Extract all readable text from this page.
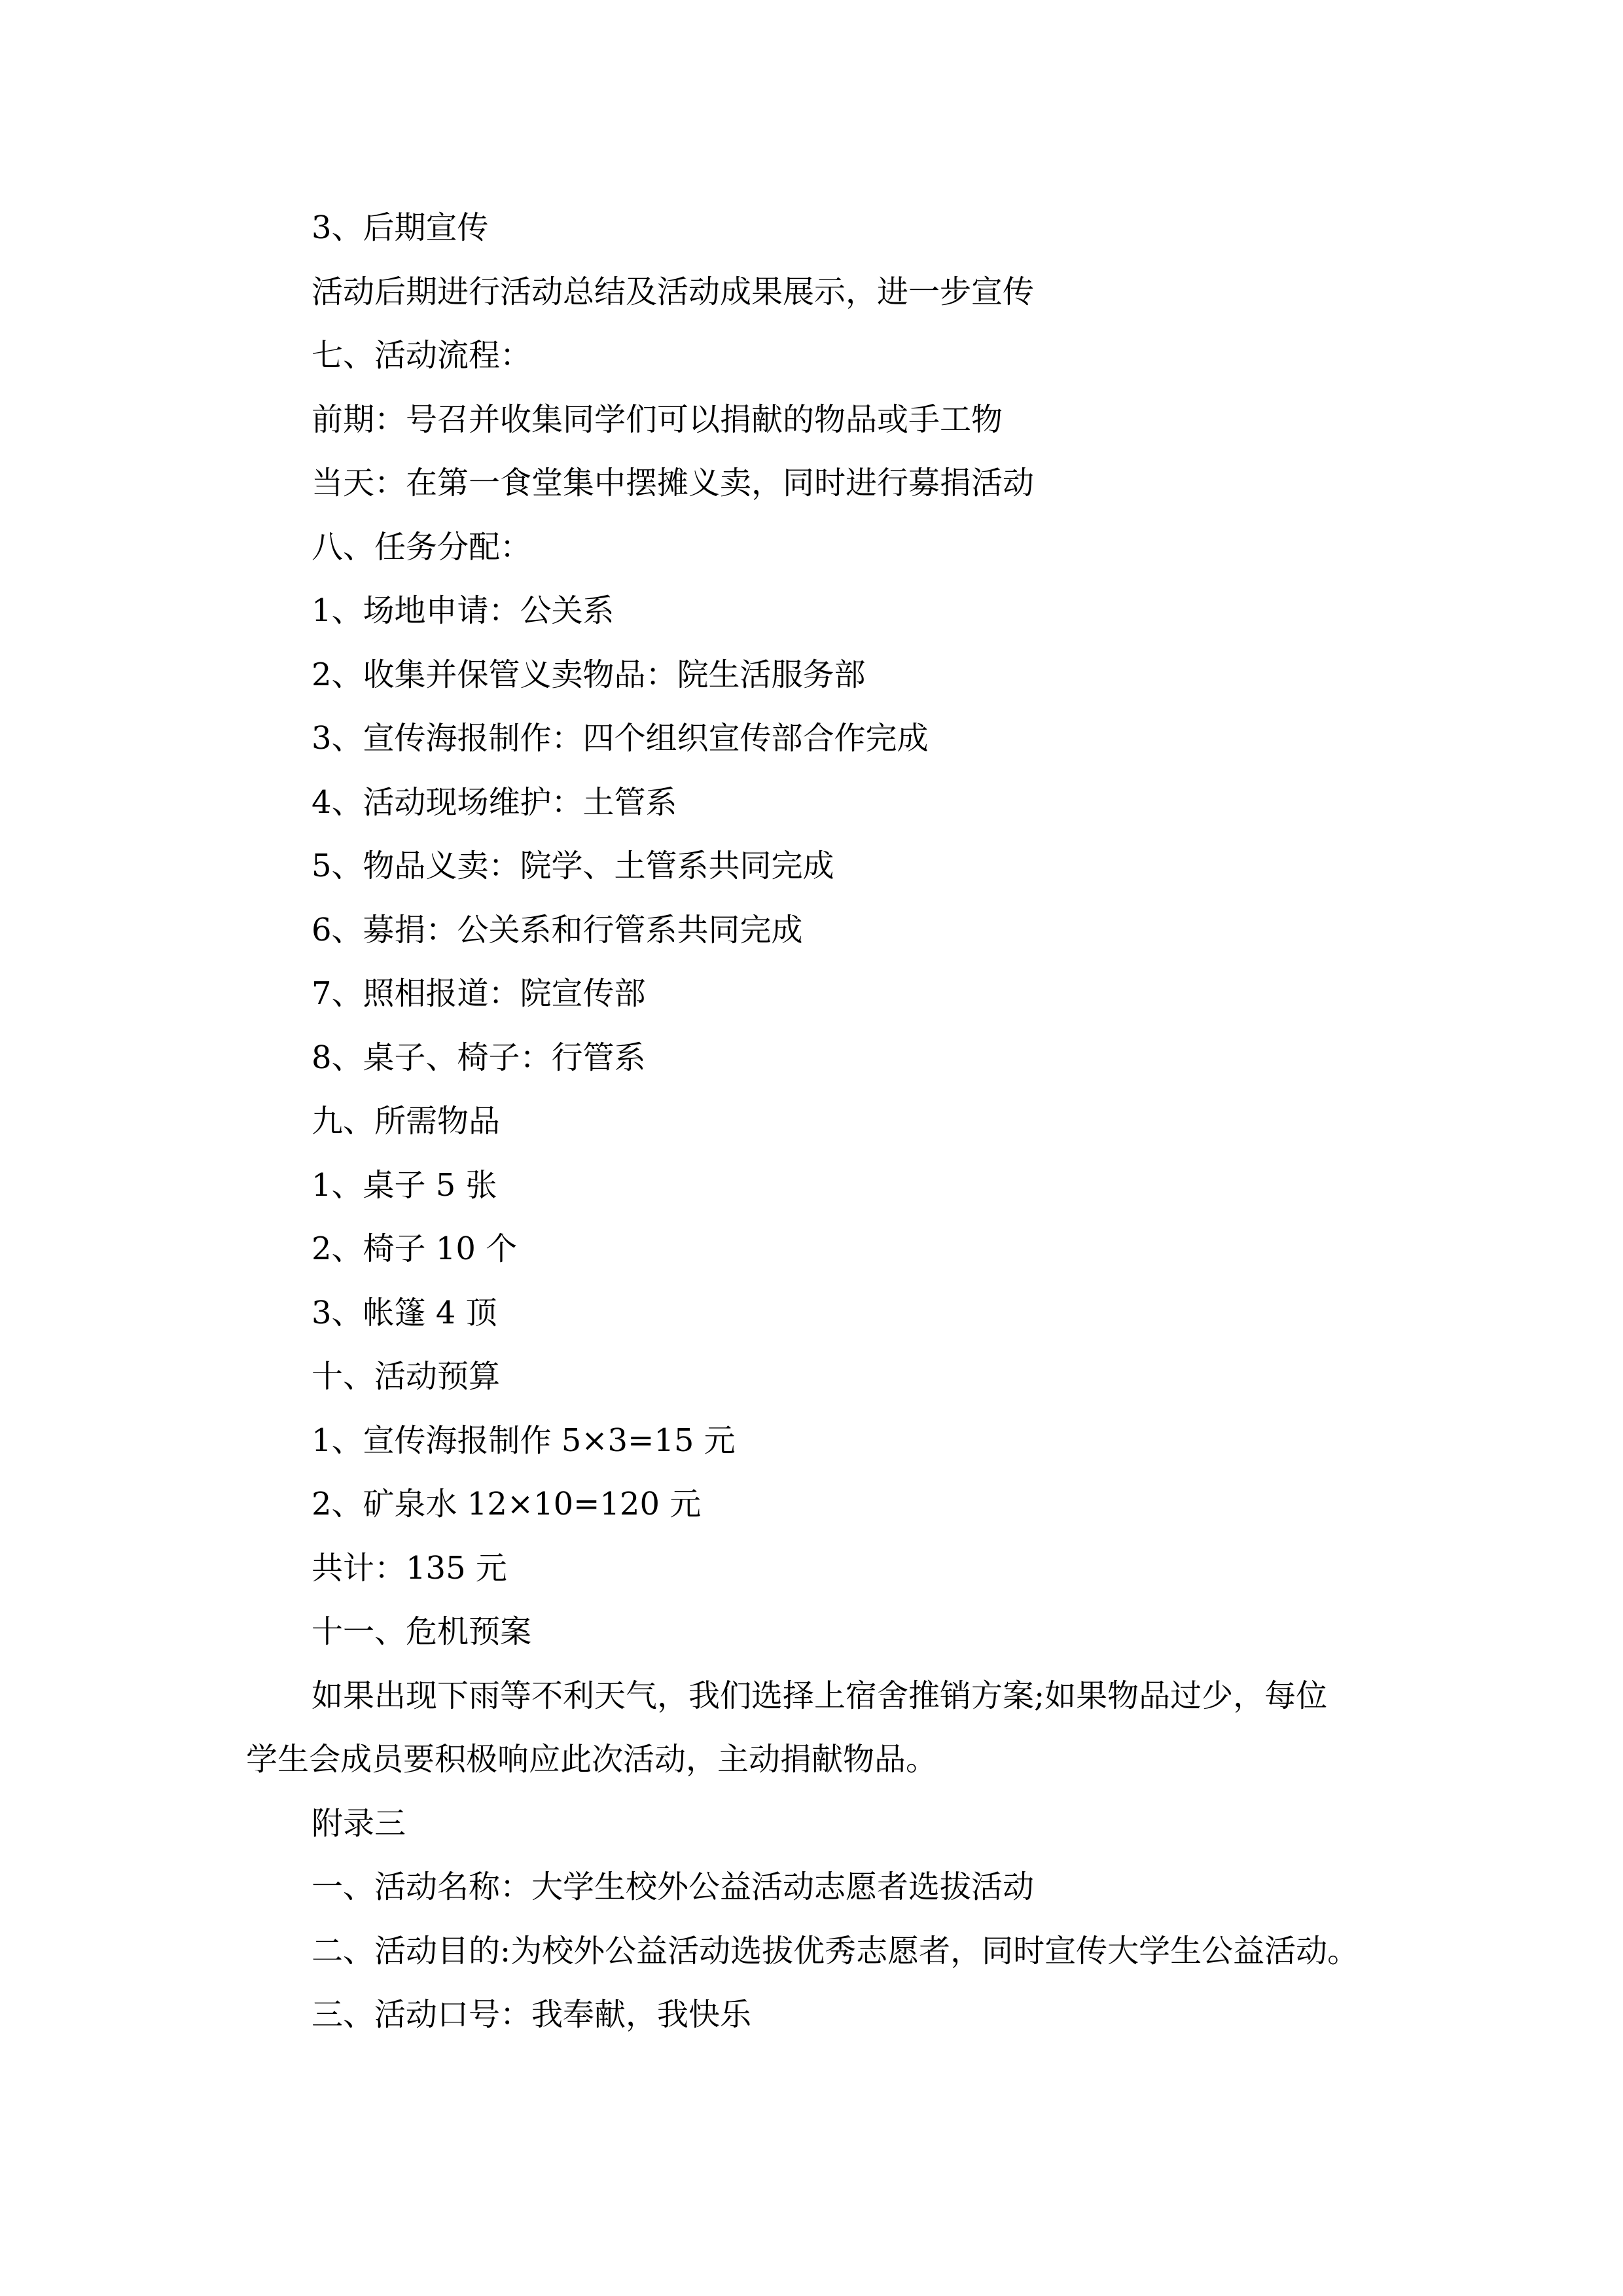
3、后期宣传
活动后期进行活动总结及活动成果展示，进一步宣传
七、活动流程：
前期：号召并收集同学们可以捐献的物品或手工物
当天：在第一食堂集中摆摊义卖，同时进行募捐活动
八、任务分配：
1、场地申请：公关系
2、收集并保管义卖物品：院生活服务部
3、宣传海报制作：四个组织宣传部合作完成
4、活动现场维护：土管系
5、物品义卖：院学、土管系共同完成
6、募捐：公关系和行管系共同完成
7、照相报道：院宣传部
8、桌子、椅子：行管系
九、所需物品
1、桌子 5 张
2、椅子 10 个
3、帐篷 4 顶
十、活动预算
1、宣传海报制作 5×3=15 元
2、矿泉水 12×10=120 元
共计：135 元
十一、危机预案
如果出现下雨等不利天气，我们选择上宿舍推销方案;如果物品过少，每位
学生会成员要积极响应此次活动，主动捐献物品。
附录三
一、活动名称：大学生校外公益活动志愿者选拔活动
二、活动目的:为校外公益活动选拔优秀志愿者，同时宣传大学生公益活动。
三、活动口号：我奉献，我快乐
